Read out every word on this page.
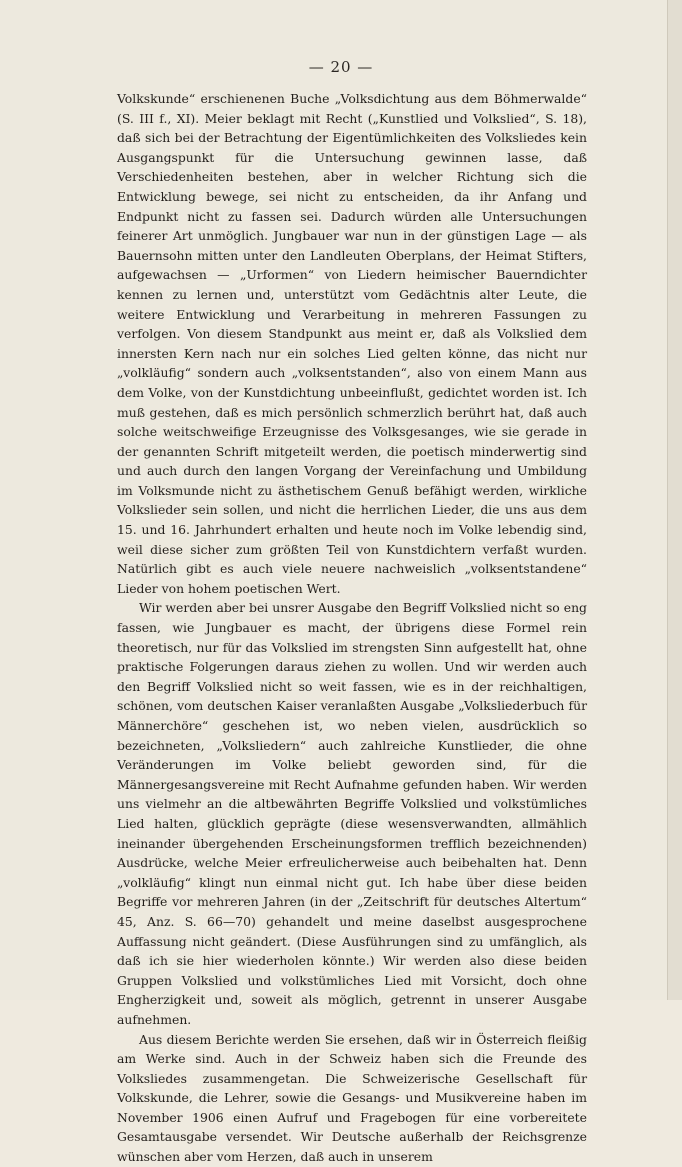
— 20 —

Volkskunde“ erschienenen Buche „Volksdichtung aus dem Böhmerwalde“ (S. III f., XI). Meier beklagt mit Recht („Kunstlied und Volkslied“, S. 18), daß sich bei der Betrachtung der Eigentümlichkeiten des Volksliedes kein Ausgangspunkt für die Untersuchung gewinnen lasse, daß Verschiedenheiten bestehen, aber in welcher Richtung sich die Entwicklung bewege, sei nicht zu entscheiden, da ihr Anfang und Endpunkt nicht zu fassen sei. Dadurch würden alle Untersuchungen feinerer Art unmöglich. Jungbauer war nun in der günstigen Lage — als Bauernsohn mitten unter den Landleuten Oberplans, der Heimat Stifters, aufgewachsen — „Urformen“ von Liedern heimischer Bauerndichter kennen zu lernen und, unterstützt vom Gedächtnis alter Leute, die weitere Entwicklung und Verarbeitung in mehreren Fassungen zu verfolgen. Von diesem Standpunkt aus meint er, daß als Volkslied dem innersten Kern nach nur ein solches Lied gelten könne, das nicht nur „volkläufig“ sondern auch „volksentstanden“, also von einem Mann aus dem Volke, von der Kunstdichtung unbeeinflußt, gedichtet worden ist. Ich muß gestehen, daß es mich persönlich schmerzlich berührt hat, daß auch solche weitschweifige Erzeugnisse des Volksgesanges, wie sie gerade in der genannten Schrift mitgeteilt werden, die poetisch minderwertig sind und auch durch den langen Vorgang der Vereinfachung und Umbildung im Volksmunde nicht zu ästhetischem Genuß befähigt werden, wirkliche Volkslieder sein sollen, und nicht die herrlichen Lieder, die uns aus dem 15. und 16. Jahrhundert erhalten und heute noch im Volke lebendig sind, weil diese sicher zum größten Teil von Kunstdichtern verfaßt wurden. Natürlich gibt es auch viele neuere nachweislich „volksentstandene“ Lieder von hohem poetischen Wert.

Wir werden aber bei unsrer Ausgabe den Begriff Volkslied nicht so eng fassen, wie Jungbauer es macht, der übrigens diese Formel rein theoretisch, nur für das Volkslied im strengsten Sinn aufgestellt hat, ohne praktische Folgerungen daraus ziehen zu wollen. Und wir werden auch den Begriff Volkslied nicht so weit fassen, wie es in der reichhaltigen, schönen, vom deutschen Kaiser veranlaßten Ausgabe „Volksliederbuch für Männerchöre“ geschehen ist, wo neben vielen, ausdrücklich so bezeichneten, „Volksliedern“ auch zahlreiche Kunstlieder, die ohne Veränderungen im Volke beliebt geworden sind, für die Männergesangsvereine mit Recht Aufnahme gefunden haben. Wir werden uns vielmehr an die altbewährten Begriffe Volkslied und volkstümliches Lied halten, glücklich geprägte (diese wesensverwandten, allmählich ineinander übergehenden Erscheinungsformen trefflich bezeichnenden) Ausdrücke, welche Meier erfreulicherweise auch beibehalten hat. Denn „volkläufig“ klingt nun einmal nicht gut. Ich habe über diese beiden Begriffe vor mehreren Jahren (in der „Zeitschrift für deutsches Altertum“ 45, Anz. S. 66—70) gehandelt und meine daselbst ausgesprochene Auffassung nicht geändert. (Diese Ausführungen sind zu umfänglich, als daß ich sie hier wiederholen könnte.) Wir werden also diese beiden Gruppen Volkslied und volkstümliches Lied mit Vorsicht, doch ohne Engherzigkeit und, soweit als möglich, getrennt in unserer Ausgabe aufnehmen.

Aus diesem Berichte werden Sie ersehen, daß wir in Österreich fleißig am Werke sind. Auch in der Schweiz haben sich die Freunde des Volksliedes zusammengetan. Die Schweizerische Gesellschaft für Volkskunde, die Lehrer, sowie die Gesangs- und Musikvereine haben im November 1906 einen Aufruf und Fragebogen für eine vorbereitete Gesamtausgabe versendet. Wir Deutsche außerhalb der Reichsgrenze wünschen aber vom Herzen, daß auch in unserem
